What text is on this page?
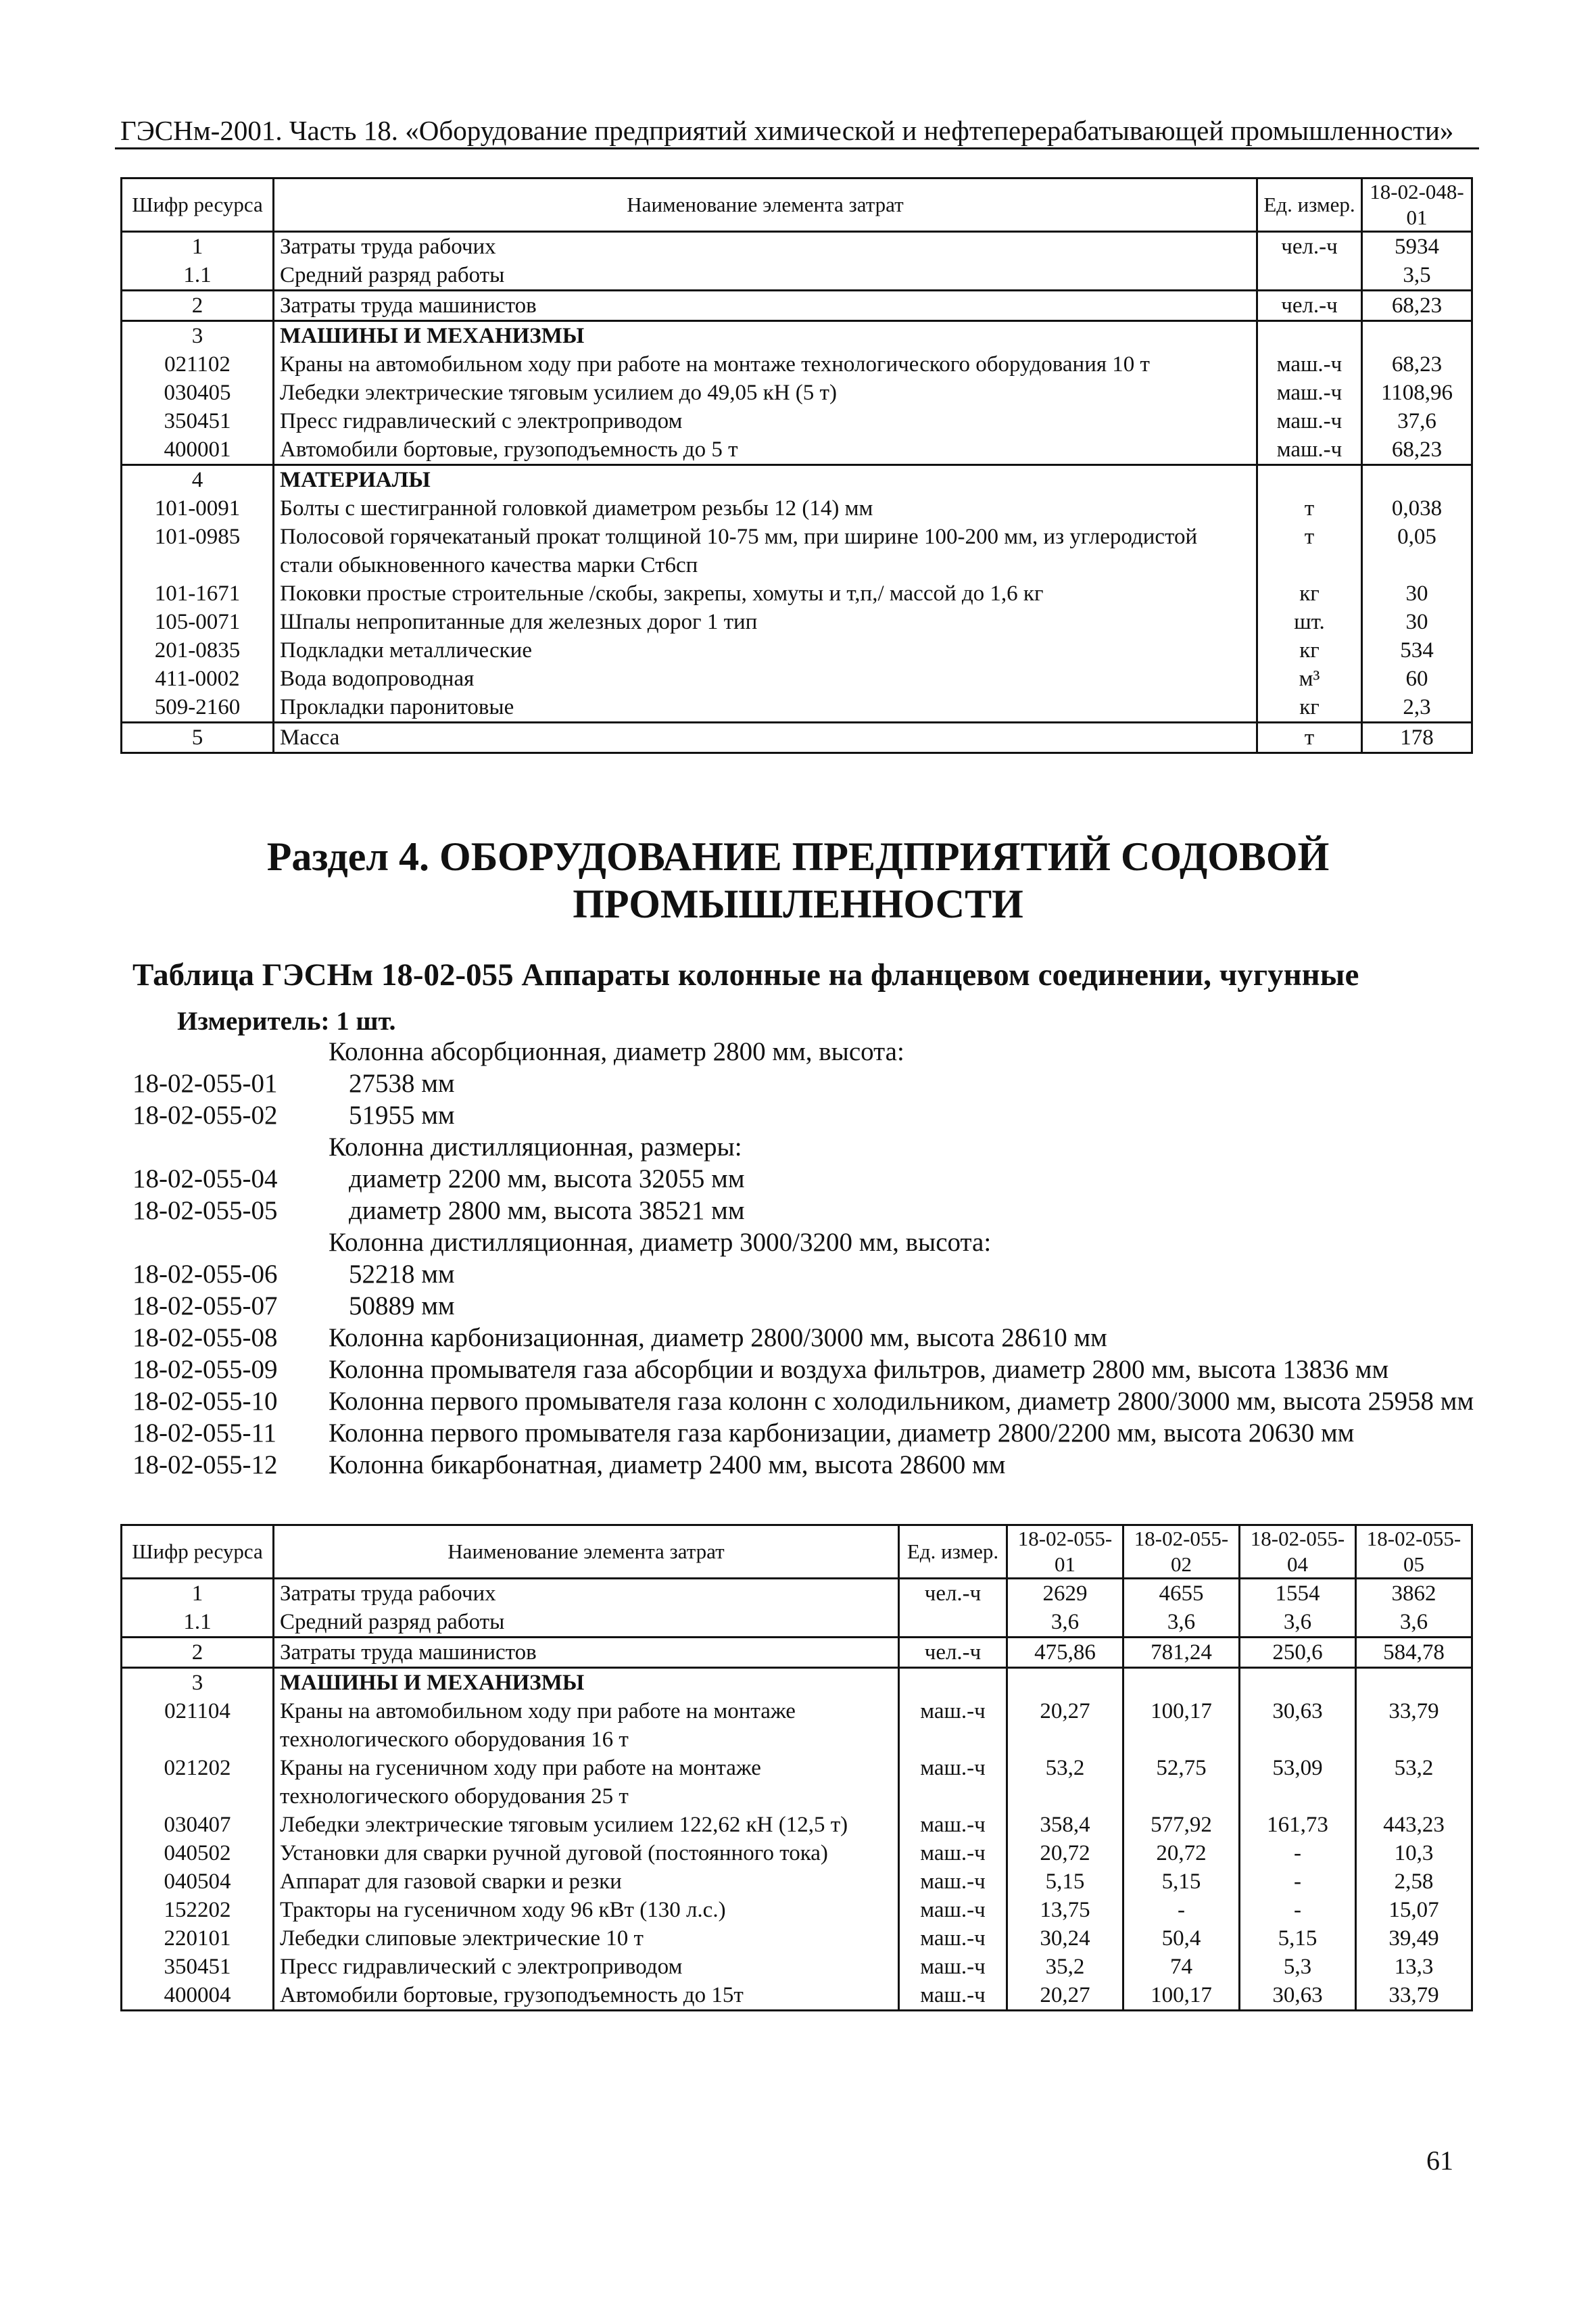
ГЭСНм-2001. Часть 18. «Оборудование предприятий химической и нефтеперерабатывающей промышленности»
Шифр ресурса	Наименование элемента затрат	Ед. измер.	18-02-048-01
1	Затраты труда рабочих	чел.-ч	5934
1.1	Средний разряд работы		3,5
2	Затраты труда машинистов	чел.-ч	68,23
3	МАШИНЫ И МЕХАНИЗМЫ		
021102	Краны на автомобильном ходу при работе на монтаже технологического оборудования 10 т	маш.-ч	68,23
030405	Лебедки электрические тяговым усилием до 49,05 кН (5 т)	маш.-ч	1108,96
350451	Пресс гидравлический с электроприводом	маш.-ч	37,6
400001	Автомобили бортовые, грузоподъемность до 5 т	маш.-ч	68,23
4	МАТЕРИАЛЫ		
101-0091	Болты с шестигранной головкой диаметром резьбы 12 (14) мм	т	0,038
101-0985	Полосовой горячекатаный прокат толщиной 10-75 мм, при ширине 100-200 мм, из углеродистой стали обыкновенного качества марки Ст6сп	т	0,05
101-1671	Поковки простые строительные /скобы, закрепы, хомуты и т,п,/ массой до 1,6 кг	кг	30
105-0071	Шпалы непропитанные для железных дорог 1 тип	шт.	30
201-0835	Подкладки металлические	кг	534
411-0002	Вода водопроводная	м³	60
509-2160	Прокладки паронитовые	кг	2,3
5	Масса	т	178
Раздел 4. ОБОРУДОВАНИЕ ПРЕДПРИЯТИЙ СОДОВОЙ ПРОМЫШЛЕННОСТИ
Таблица ГЭСНм 18-02-055 Аппараты колонные на фланцевом соединении, чугунные
Измеритель: 1 шт.
Колонна абсорбционная, диаметр 2800 мм, высота:
18-02-055-01	27538 мм
18-02-055-02	51955 мм
Колонна дистилляционная, размеры:
18-02-055-04	диаметр 2200 мм, высота 32055 мм
18-02-055-05	диаметр 2800 мм, высота 38521 мм
Колонна дистилляционная, диаметр 3000/3200 мм, высота:
18-02-055-06	52218 мм
18-02-055-07	50889 мм
18-02-055-08	Колонна карбонизационная, диаметр 2800/3000 мм, высота 28610 мм
18-02-055-09	Колонна промывателя газа абсорбции и воздуха фильтров, диаметр 2800 мм, высота 13836 мм
18-02-055-10	Колонна первого промывателя газа колонн с холодильником, диаметр 2800/3000 мм, высота 25958 мм
18-02-055-11	Колонна первого промывателя газа карбонизации, диаметр 2800/2200 мм, высота 20630 мм
18-02-055-12	Колонна бикарбонатная, диаметр 2400 мм, высота 28600 мм
Шифр ресурса	Наименование элемента затрат	Ед. измер.	18-02-055-01	18-02-055-02	18-02-055-04	18-02-055-05
1	Затраты труда рабочих	чел.-ч	2629	4655	1554	3862
1.1	Средний разряд работы		3,6	3,6	3,6	3,6
2	Затраты труда машинистов	чел.-ч	475,86	781,24	250,6	584,78
3	МАШИНЫ И МЕХАНИЗМЫ					
021104	Краны на автомобильном ходу при работе на монтаже технологического оборудования 16 т	маш.-ч	20,27	100,17	30,63	33,79
021202	Краны на гусеничном ходу при работе на монтаже технологического оборудования 25 т	маш.-ч	53,2	52,75	53,09	53,2
030407	Лебедки электрические тяговым усилием 122,62 кН (12,5 т)	маш.-ч	358,4	577,92	161,73	443,23
040502	Установки для сварки ручной дуговой (постоянного тока)	маш.-ч	20,72	20,72	-	10,3
040504	Аппарат для газовой сварки и резки	маш.-ч	5,15	5,15	-	2,58
152202	Тракторы на гусеничном ходу 96 кВт (130 л.с.)	маш.-ч	13,75	-	-	15,07
220101	Лебедки слиповые электрические 10 т	маш.-ч	30,24	50,4	5,15	39,49
350451	Пресс гидравлический с электроприводом	маш.-ч	35,2	74	5,3	13,3
400004	Автомобили бортовые, грузоподъемность до 15т	маш.-ч	20,27	100,17	30,63	33,79
61
